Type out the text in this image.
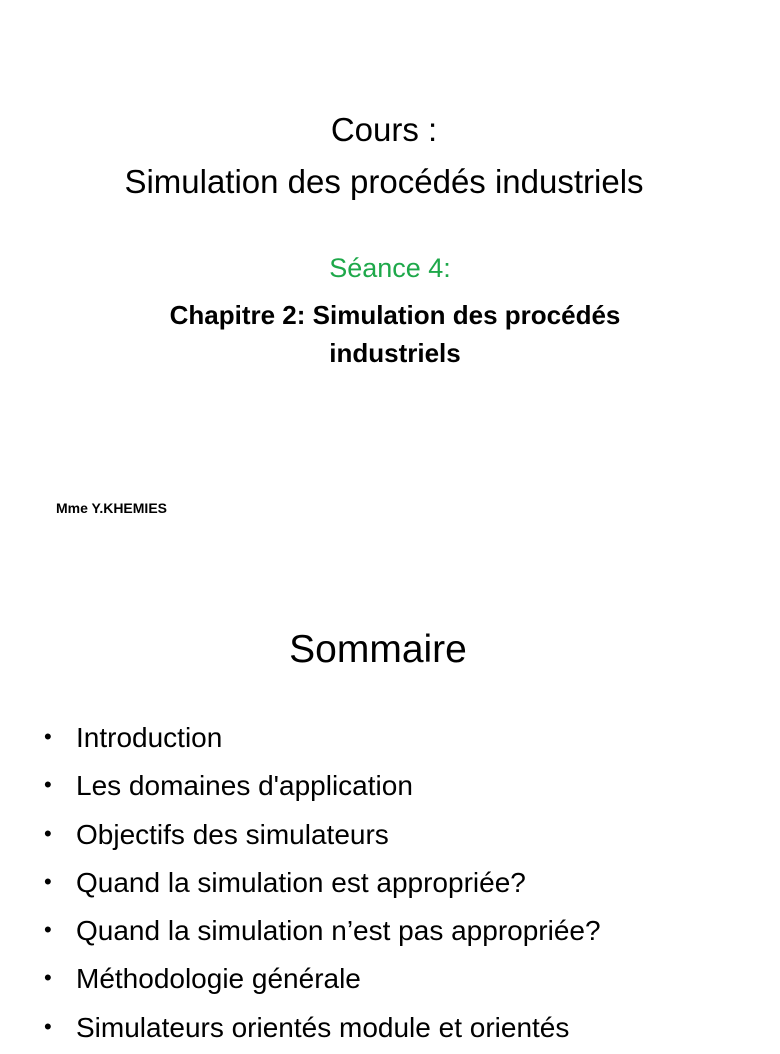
Cours :
Simulation des procédés industriels
Séance 4:
Chapitre 2: Simulation des procédés
industriels
Mme Y.KHEMIES
Sommaire
• Introduction
• Les domaines d'application
• Objectifs des simulateurs
• Quand la simulation est appropriée?
• Quand la simulation n’est pas appropriée?
• Méthodologie générale
• Simulateurs orientés module et orientés
